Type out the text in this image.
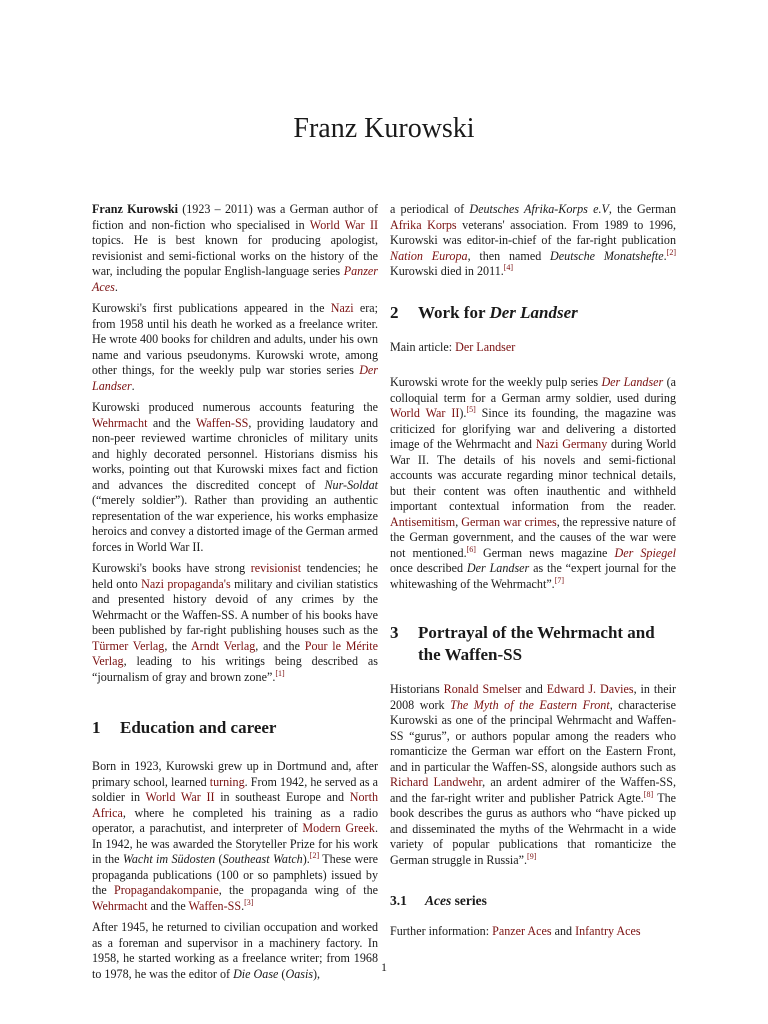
Franz Kurowski

Franz Kurowski (1923 – 2011) was a German author of fiction and non-fiction who specialised in World War II topics. He is best known for producing apologist, revisionist and semi-fictional works on the history of the war, including the popular English-language series Panzer Aces.

Kurowski's first publications appeared in the Nazi era; from 1958 until his death he worked as a freelance writer. He wrote 400 books for children and adults, under his own name and various pseudonyms. Kurowski wrote, among other things, for the weekly pulp war stories series Der Landser.

Kurowski produced numerous accounts featuring the Wehrmacht and the Waffen-SS, providing laudatory and non-peer reviewed wartime chronicles of military units and highly decorated personnel. Historians dismiss his works, pointing out that Kurowski mixes fact and fiction and advances the discredited concept of Nur-Soldat (“merely soldier”). Rather than providing an authentic representation of the war experience, his works emphasize heroics and convey a distorted image of the German armed forces in World War II.

Kurowski's books have strong revisionist tendencies; he held onto Nazi propaganda's military and civilian statistics and presented history devoid of any crimes by the Wehrmacht or the Waffen-SS. A number of his books have been published by far-right publishing houses such as the Türmer Verlag, the Arndt Verlag, and the Pour le Mérite Verlag, leading to his writings being described as “journalism of gray and brown zone”.[1]

1 Education and career

Born in 1923, Kurowski grew up in Dortmund and, after primary school, learned turning. From 1942, he served as a soldier in World War II in southeast Europe and North Africa, where he completed his training as a radio operator, a parachutist, and interpreter of Modern Greek. In 1942, he was awarded the Storyteller Prize for his work in the Wacht im Südosten (Southeast Watch).[2] These were propaganda publications (100 or so pamphlets) issued by the Propagandakompanie, the propaganda wing of the Wehrmacht and the Waffen-SS.[3]

After 1945, he returned to civilian occupation and worked as a foreman and supervisor in a machinery factory. In 1958, he started working as a freelance writer; from 1968 to 1978, he was the editor of Die Oase (Oasis),

a periodical of Deutsches Afrika-Korps e.V, the German Afrika Korps veterans' association. From 1989 to 1996, Kurowski was editor-in-chief of the far-right publication Nation Europa, then named Deutsche Monatshefte.[2] Kurowski died in 2011.[4]

2 Work for Der Landser

Main article: Der Landser

Kurowski wrote for the weekly pulp series Der Landser (a colloquial term for a German army soldier, used during World War II).[5] Since its founding, the magazine was criticized for glorifying war and delivering a distorted image of the Wehrmacht and Nazi Germany during World War II. The details of his novels and semi-fictional accounts was accurate regarding minor technical details, but their content was often inauthentic and withheld important contextual information from the reader. Antisemitism, German war crimes, the repressive nature of the German government, and the causes of the war were not mentioned.[6] German news magazine Der Spiegel once described Der Landser as the “expert journal for the whitewashing of the Wehrmacht”.[7]

3 Portrayal of the Wehrmacht and the Waffen-SS

Historians Ronald Smelser and Edward J. Davies, in their 2008 work The Myth of the Eastern Front, characterise Kurowski as one of the principal Wehrmacht and Waffen-SS “gurus”, or authors popular among the readers who romanticize the German war effort on the Eastern Front, and in particular the Waffen-SS, alongside authors such as Richard Landwehr, an ardent admirer of the Waffen-SS, and the far-right writer and publisher Patrick Agte.[8] The book describes the gurus as authors who “have picked up and disseminated the myths of the Wehrmacht in a wide variety of popular publications that romanticize the German struggle in Russia”.[9]

3.1 Aces series

Further information: Panzer Aces and Infantry Aces

1
